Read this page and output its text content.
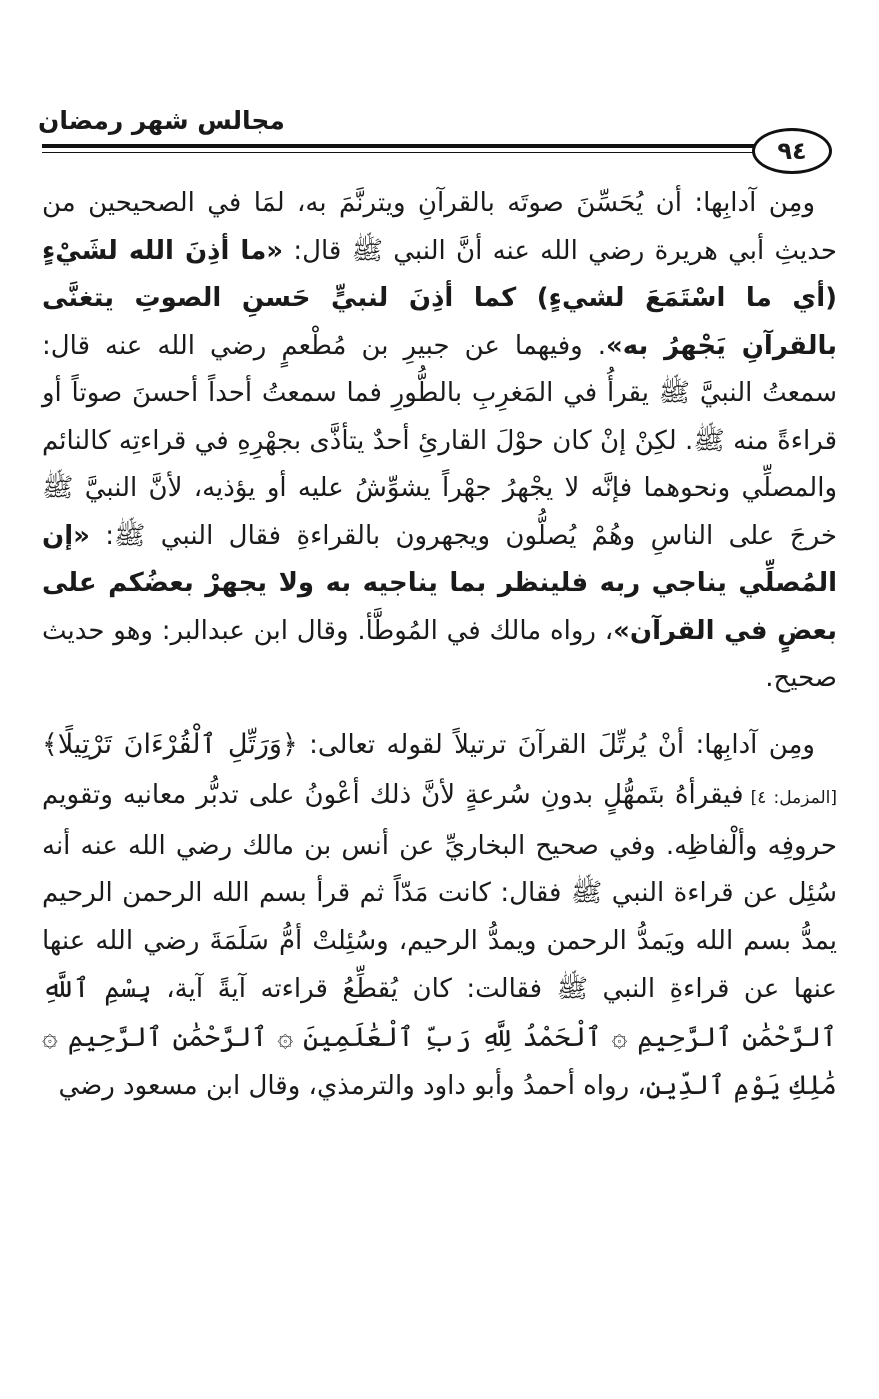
مجالس شهر رمضان
٩٤

ومِن آدابِها: أن يُحَسِّنَ صوتَه بالقرآنِ ويترنَّمَ به، لمَا في الصحيحين من حديثِ أبي هريرة رضي الله عنه أنَّ النبي ﷺ قال: «ما أذِنَ الله لشَيْءٍ (أي ما اسْتَمَعَ لشيءٍ) كما أذِنَ لنبيٍّ حَسنِ الصوتِ يتغنَّى بالقرآنِ يَجْهرُ به». وفيهما عن جبيرِ بن مُطْعمٍ رضي الله عنه قال: سمعتُ النبيَّ ﷺ يقرأُ في المَغرِبِ بالطُّورِ فما سمعتُ أحداً أحسنَ صوتاً أو قراءةً منه ﷺ. لكِنْ إنْ كان حوْلَ القارئِ أحدٌ يتأذَّى بجهْرِهِ في قراءتِه كالنائم والمصلِّي ونحوهما فإنَّه لا يجْهرُ جهْراً يشوِّشُ عليه أو يؤذيه، لأنَّ النبيَّ ﷺ خرجَ على الناسِ وهُمْ يُصلُّون ويجهرون بالقراءةِ فقال النبي ﷺ: «إن المُصلِّي يناجي ربه فلينظر بما يناجيه به ولا يجهرْ بعضُكم على بعضٍ في القرآن»، رواه مالك في المُوطَّأ. وقال ابن عبدالبر: وهو حديث صحيح.

ومِن آدابِها: أنْ يُرتِّلَ القرآنَ ترتيلاً لقوله تعالى: ﴿وَرَتِّلِ ٱلْقُرْءَانَ تَرْتِيلًا﴾ [المزمل: ٤] فيقرأهُ بتَمهُّلٍ بدونِ سُرعةٍ لأنَّ ذلك أعْونُ على تدبُّر معانيه وتقويم حروفِه وألْفاظِه. وفي صحيح البخاريِّ عن أنس بن مالك رضي الله عنه أنه سُئِل عن قراءة النبي ﷺ فقال: كانت مَدّاً ثم قرأ بسم الله الرحمن الرحيم يمدُّ بسم الله ويَمدُّ الرحمن ويمدُّ الرحيم، وسُئِلتْ أمُّ سَلَمَةَ رضي الله عنها عنها عن قراءةِ النبي ﷺ فقالت: كان يُقطِّعُ قراءته آيةً آية، بِسْمِ ٱللَّهِ ٱلرَّحْمَٰنِ ٱلرَّحِيمِ ۞ ٱلْحَمْدُ لِلَّهِ رَبِّ ٱلْعَٰلَمِينَ ۞ ٱلرَّحْمَٰنِ ٱلرَّحِيمِ ۞ مَٰلِكِ يَوْمِ ٱلدِّينِ، رواه أحمدُ وأبو داود والترمذي، وقال ابن مسعود رضي
